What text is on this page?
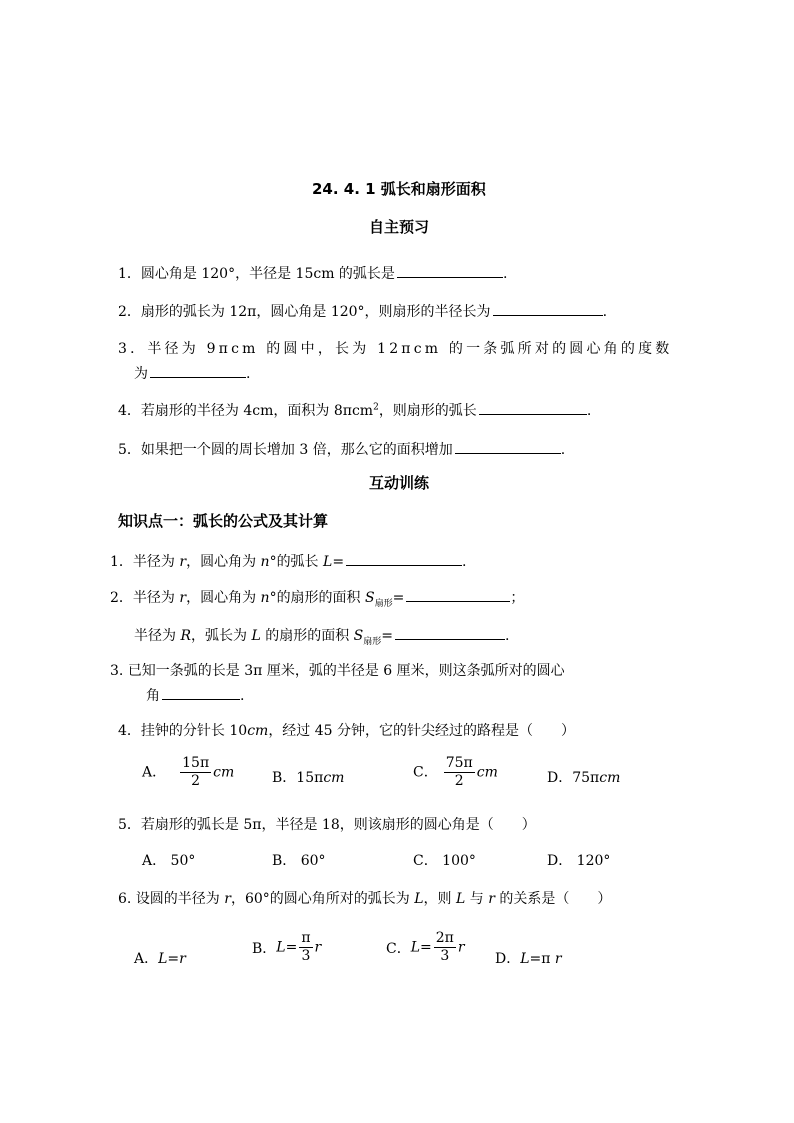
24. 4. 1 弧长和扇形面积
自主预习
1．圆心角是 120°，半径是 15cm 的弧长是	.
2．扇形的弧长为 12π，圆心角是 120°，则扇形的半径长为	.
3．半径为 9πcm 的圆中，长为 12πcm 的一条弧所对的圆心角的度数
为	.
4．若扇形的半径为 4cm，面积为 8πcm$^2$，则扇形的弧长	.
5．如果把一个圆的周长增加 3 倍，那么它的面积增加	.
互动训练
知识点一：弧长的公式及其计算
1．半径为 r，圆心角为 n°的弧长 L=	.
2．半径为 r，圆心角为 n°的扇形的面积 $S_{扇形}=$	；
半径为 R，弧长为 L 的扇形的面积 $S_{扇形}=$	.
3. 已知一条弧的长是 3π 厘米，弧的半径是 6 厘米，则这条弧所对的圆心
角	.
4．挂钟的分针长 10cm，经过 45 分钟，它的针尖经过的路程是（　　）
A． $\frac{15\pi}{2}$ cm	B．15πcm	C． $\frac{75\pi}{2}$ cm	D．75πcm
5．若扇形的弧长是 5π，半径是 18，则该扇形的圆心角是（　　）
A． 50°	B． 60°	C． 100°	D． 120°
6. 设圆的半径为 r，60°的圆心角所对的弧长为 L，则 L 与 r 的关系是（　　）
A．L=r
B．$L= \frac{\pi}{3}$ r	C．$L= \frac{2\pi}{3}$ r
D．L=π r
